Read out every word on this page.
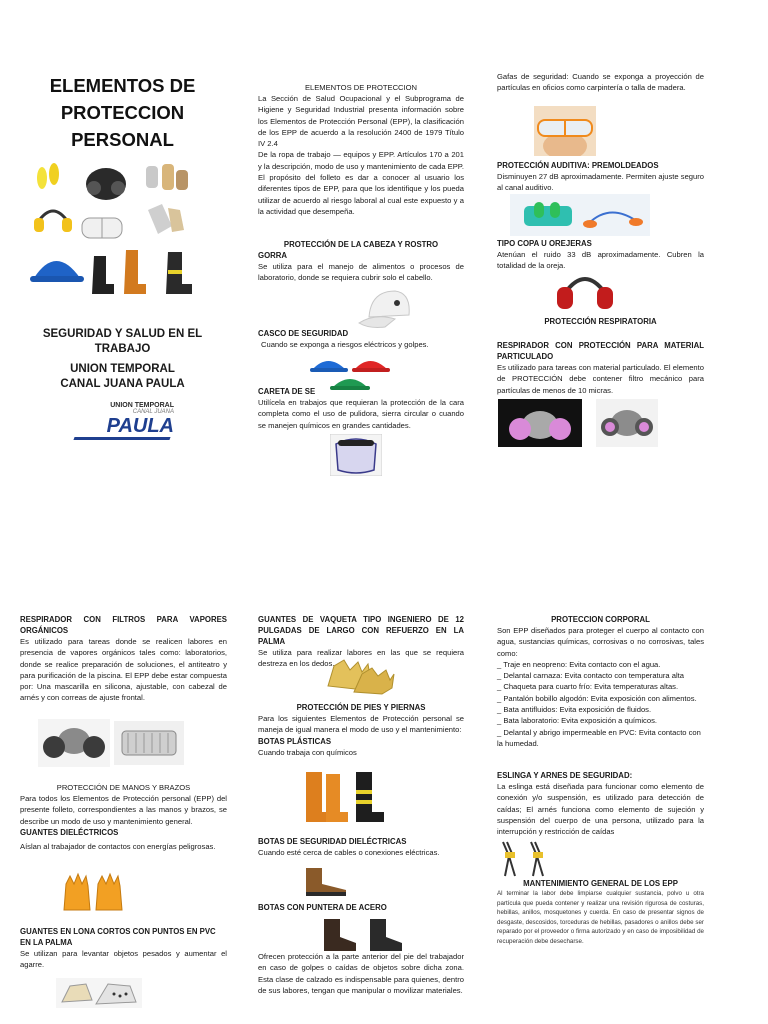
ELEMENTOS DE PROTECCION PERSONAL
SEGURIDAD Y SALUD EN EL TRABAJO
UNION TEMPORAL CANAL JUANA PAULA
UNION TEMPORAL
CANAL JUANA
PAULA

ELEMENTOS DE PROTECCION

La Sección de Salud Ocupacional y el Subprograma de Higiene y Seguridad Industrial presenta información sobre los Elementos de Protección Personal (EPP), la clasificación de los EPP de acuerdo a la resolución 2400 de 1979 Título IV 2.4

De la ropa de trabajo — equipos y EPP. Artículos 170 a 201 y la descripción, modo de uso y mantenimiento de cada EPP. El propósito del folleto es dar a conocer al usuario los diferentes tipos de EPP, para que los identifique y los pueda utilizar de acuerdo al riesgo laboral al cual este expuesto y a la actividad que desempeña.

PROTECCIÓN DE LA CABEZA Y ROSTRO

GORRA

Se utiliza para el manejo de alimentos o procesos de laboratorio, donde se requiera cubrir solo el cabello.

CASCO DE SEGURIDAD

Cuando se exponga a riesgos eléctricos y golpes.

CARETA DE SE

Utilícela en trabajos que requieran la protección de la cara completa como el uso de pulidora, sierra circular o cuando se manejen químicos en grandes cantidades.

Gafas de seguridad: Cuando se exponga a proyección de partículas en oficios como carpintería o talla de madera.

PROTECCIÓN AUDITIVA: PREMOLDEADOS

Disminuyen 27 dB aproximadamente. Permiten ajuste seguro al canal auditivo.

TIPO COPA U OREJERAS

Atenúan el ruido 33 dB aproximadamente. Cubren la totalidad de la oreja.

PROTECCIÓN RESPIRATORIA

RESPIRADOR CON PROTECCIÓN PARA MATERIAL PARTICULADO

Es utilizado para tareas con material particulado. El elemento de PROTECCIÓN debe contener filtro mecánico para partículas de menos de 10 micras.

RESPIRADOR CON FILTROS PARA VAPORES ORGÁNICOS

Es utilizado para tareas donde se realicen labores en presencia de vapores orgánicos tales como: laboratorios, donde se realice preparación de soluciones, el antiteatro y para purificación de la piscina. El EPP debe estar compuesta por: Una mascarilla en silicona, ajustable, con cabezal de arnés y con correas de ajuste frontal.

PROTECCIÓN DE MANOS Y BRAZOS

Para todos los Elementos de Protección personal (EPP) del presente folleto, correspondientes a las manos y brazos, se describe un modo de uso y mantenimiento general.

GUANTES DIELÉCTRICOS

Aíslan al trabajador de contactos con energías peligrosas.

GUANTES EN LONA CORTOS CON PUNTOS EN PVC EN LA PALMA

Se utilizan para levantar objetos pesados y aumentar el agarre.

GUANTES DE VAQUETA TIPO INGENIERO DE 12 PULGADAS DE LARGO CON REFUERZO EN LA PALMA

Se utiliza para realizar labores en las que se requiera destreza en los dedos.

PROTECCIÓN DE PIES Y PIERNAS

Para los siguientes Elementos de Protección personal se maneja de igual manera el modo de uso y el mantenimiento:

BOTAS PLÁSTICAS

Cuando trabaja con químicos

BOTAS DE SEGURIDAD DIELÉCTRICAS

Cuando esté cerca de cables o conexiones eléctricas.

BOTAS CON PUNTERA DE ACERO

Ofrecen protección a la parte anterior del pie del trabajador en caso de golpes o caídas de objetos sobre dicha zona. Esta clase de calzado es indispensable para quienes, dentro de sus labores, tengan que manipular o movilizar materiales.

PROTECCION CORPORAL

Son EPP diseñados para proteger el cuerpo al contacto con agua, sustancias químicas, corrosivas o no corrosivas, tales como:

_ Traje en neopreno: Evita contacto con el agua.

_ Delantal carnaza: Evita contacto con temperatura alta

_ Chaqueta para cuarto frío: Evita temperaturas altas.

_ Pantalón bobillo algodón: Evita exposición con alimentos.

_ Bata antifluidos: Evita exposición de fluidos.

_ Bata laboratorio: Evita exposición a químicos.

_ Delantal y abrigo impermeable en PVC: Evita contacto con la humedad.

ESLINGA Y ARNES DE SEGURIDAD:

La eslinga está diseñada para funcionar como elemento de conexión y/o suspensión, es utilizado para detección de caídas; El arnés funciona como elemento de sujeción y suspensión del cuerpo de una persona, utilizado para la interrupción y restricción de caídas

MANTENIMIENTO GENERAL DE LOS EPP

Al terminar la labor debe limpiarse cualquier sustancia, polvo u otra partícula que pueda contener y realizar una revisión rigurosa de costuras, hebillas, anillos, mosquetones y cuerda. En caso de presentar signos de desgaste, descosidos, torceduras de hebillas, pasadores o anillos debe ser reparado por el proveedor o firma autorizado y en caso de imposibilidad de recuperación debe desecharse.
